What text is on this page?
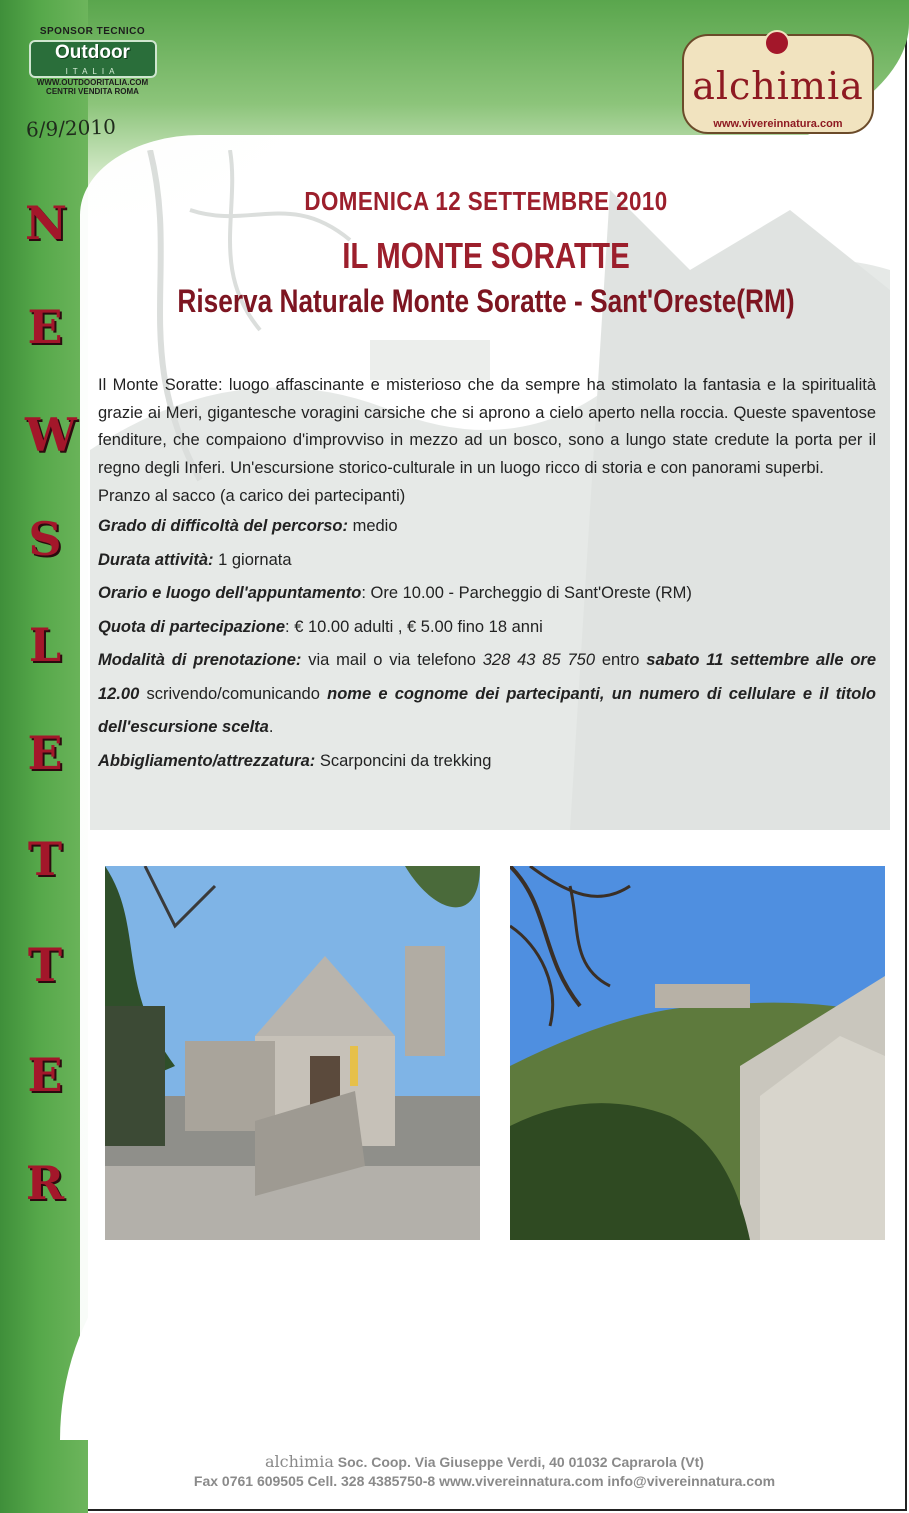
SPONSOR TECNICO
Outdoor
ITALIA
WWW.OUTDOORITALIA.COM
CENTRI VENDITA ROMA
6/9/2010
N
E
W
S
L
E
T
T
E
R
alchimia
www.vivereinnatura.com
DOMENICA 12 SETTEMBRE 2010
IL MONTE SORATTE
Riserva Naturale Monte Soratte - Sant'Oreste(RM)

Il Monte Soratte: luogo affascinante e misterioso che da sempre ha stimolato la fantasia e la spiritualità grazie ai Meri, gigantesche voragini carsiche che si aprono a cielo aperto nella roccia. Queste spaventose fenditure, che compaiono d'improvviso in mezzo ad un bosco, sono a lungo state credute la porta per il regno degli Inferi. Un'escursione storico-culturale in un luogo ricco di storia e con panorami superbi.

Pranzo al sacco (a carico dei partecipanti)

Grado di difficoltà del percorso: medio

Durata attività: 1 giornata

Orario e luogo dell'appuntamento: Ore 10.00 - Parcheggio di Sant'Oreste (RM)

Quota di partecipazione: € 10.00 adulti , € 5.00 fino 18 anni

Modalità di prenotazione: via mail o via telefono 328 43 85 750 entro sabato 11 settembre alle ore 12.00 scrivendo/comunicando nome e cognome dei partecipanti, un numero di cellulare e il titolo dell'escursione scelta.

Abbigliamento/attrezzatura: Scarponcini da trekking

alchimia Soc. Coop. Via Giuseppe Verdi, 40 01032 Caprarola (Vt)
Fax 0761 609505 Cell. 328 4385750-8 www.vivereinnatura.com info@vivereinnatura.com
